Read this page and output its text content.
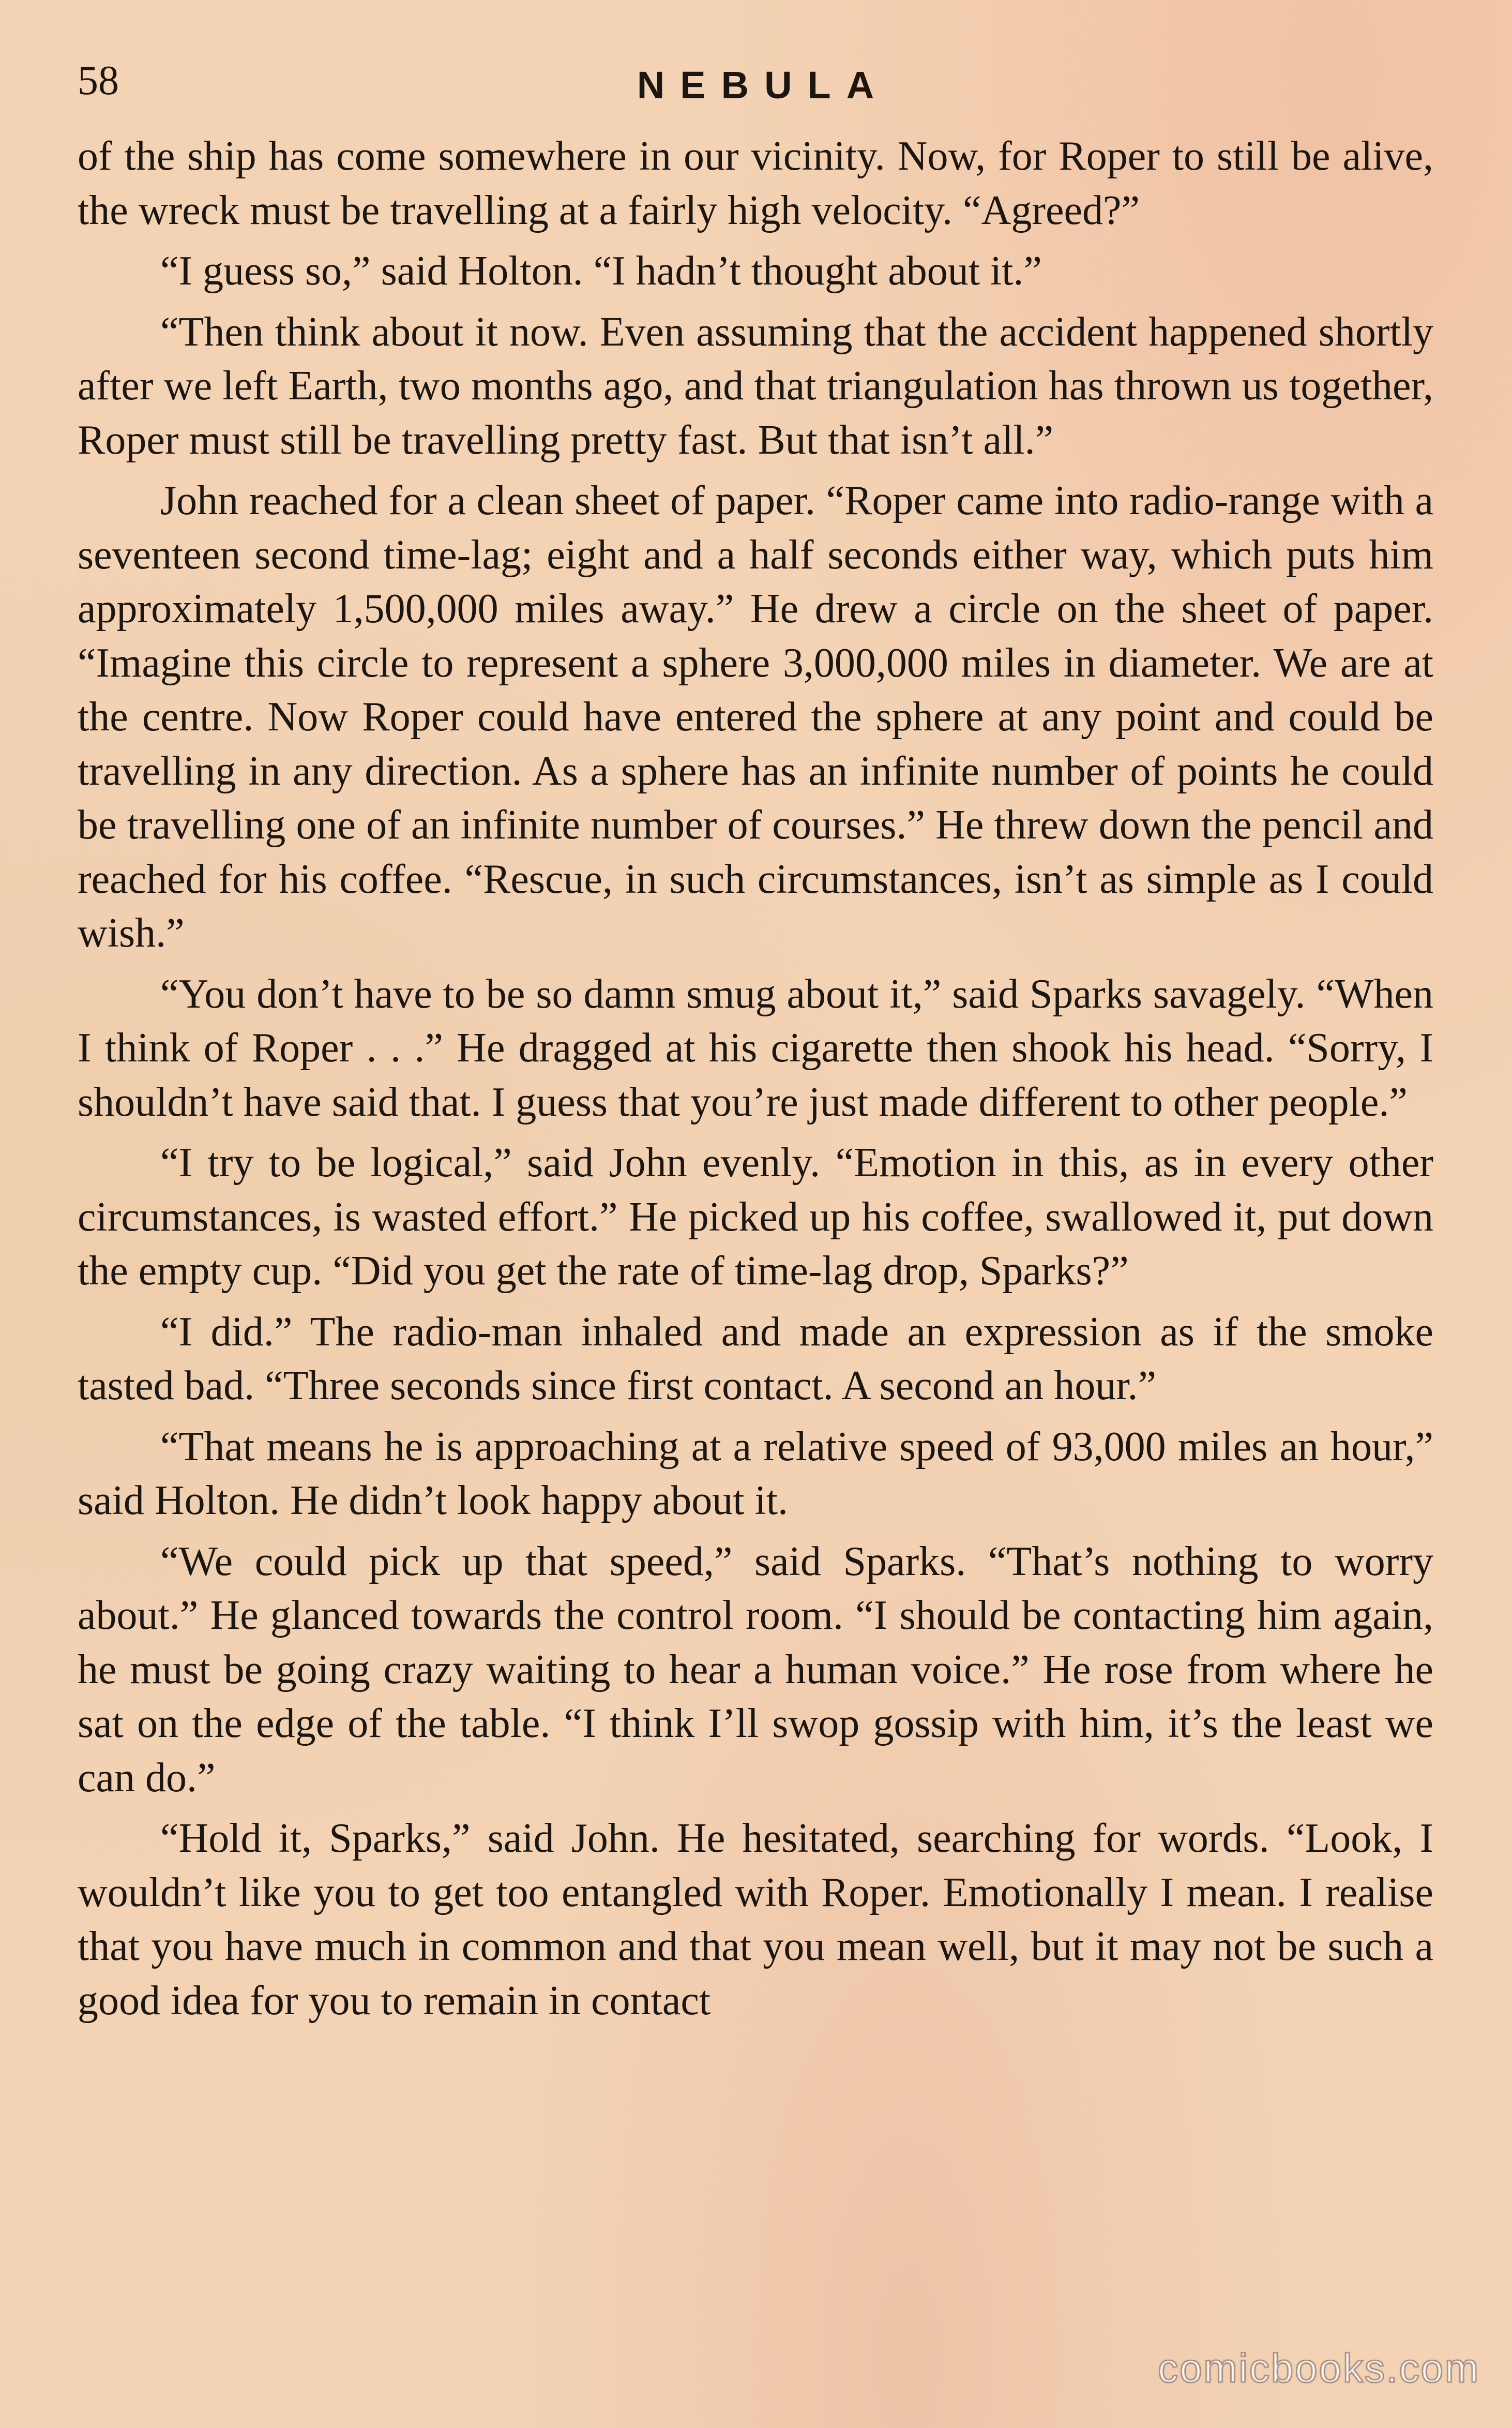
58	NEBULA

of the ship has come somewhere in our vicinity. Now, for Roper to still be alive, the wreck must be travelling at a fairly high velocity. “Agreed?”

“I guess so,” said Holton. “I hadn’t thought about it.”

“Then think about it now. Even assuming that the accident happened shortly after we left Earth, two months ago, and that triangulation has thrown us together, Roper must still be travelling pretty fast. But that isn’t all.”

John reached for a clean sheet of paper. “Roper came into radio-range with a seventeen second time-lag; eight and a half seconds either way, which puts him approximately 1,500,000 miles away.” He drew a circle on the sheet of paper. “Imagine this circle to represent a sphere 3,000,000 miles in diameter. We are at the centre. Now Roper could have entered the sphere at any point and could be travelling in any direction. As a sphere has an infinite number of points he could be travelling one of an infinite number of courses.” He threw down the pencil and reached for his coffee. “Rescue, in such circumstances, isn’t as simple as I could wish.”

“You don’t have to be so damn smug about it,” said Sparks savagely. “When I think of Roper . . .” He dragged at his cigarette then shook his head. “Sorry, I shouldn’t have said that. I guess that you’re just made different to other people.”

“I try to be logical,” said John evenly. “Emotion in this, as in every other circumstances, is wasted effort.” He picked up his coffee, swallowed it, put down the empty cup. “Did you get the rate of time-lag drop, Sparks?”

“I did.” The radio-man inhaled and made an expression as if the smoke tasted bad. “Three seconds since first contact. A second an hour.”

“That means he is approaching at a relative speed of 93,000 miles an hour,” said Holton. He didn’t look happy about it.

“We could pick up that speed,” said Sparks. “That’s nothing to worry about.” He glanced towards the control room. “I should be contacting him again, he must be going crazy waiting to hear a human voice.” He rose from where he sat on the edge of the table. “I think I’ll swop gossip with him, it’s the least we can do.”

“Hold it, Sparks,” said John. He hesitated, searching for words. “Look, I wouldn’t like you to get too entangled with Roper. Emotionally I mean. I realise that you have much in common and that you mean well, but it may not be such a good idea for you to remain in contact

comicbooks.com
